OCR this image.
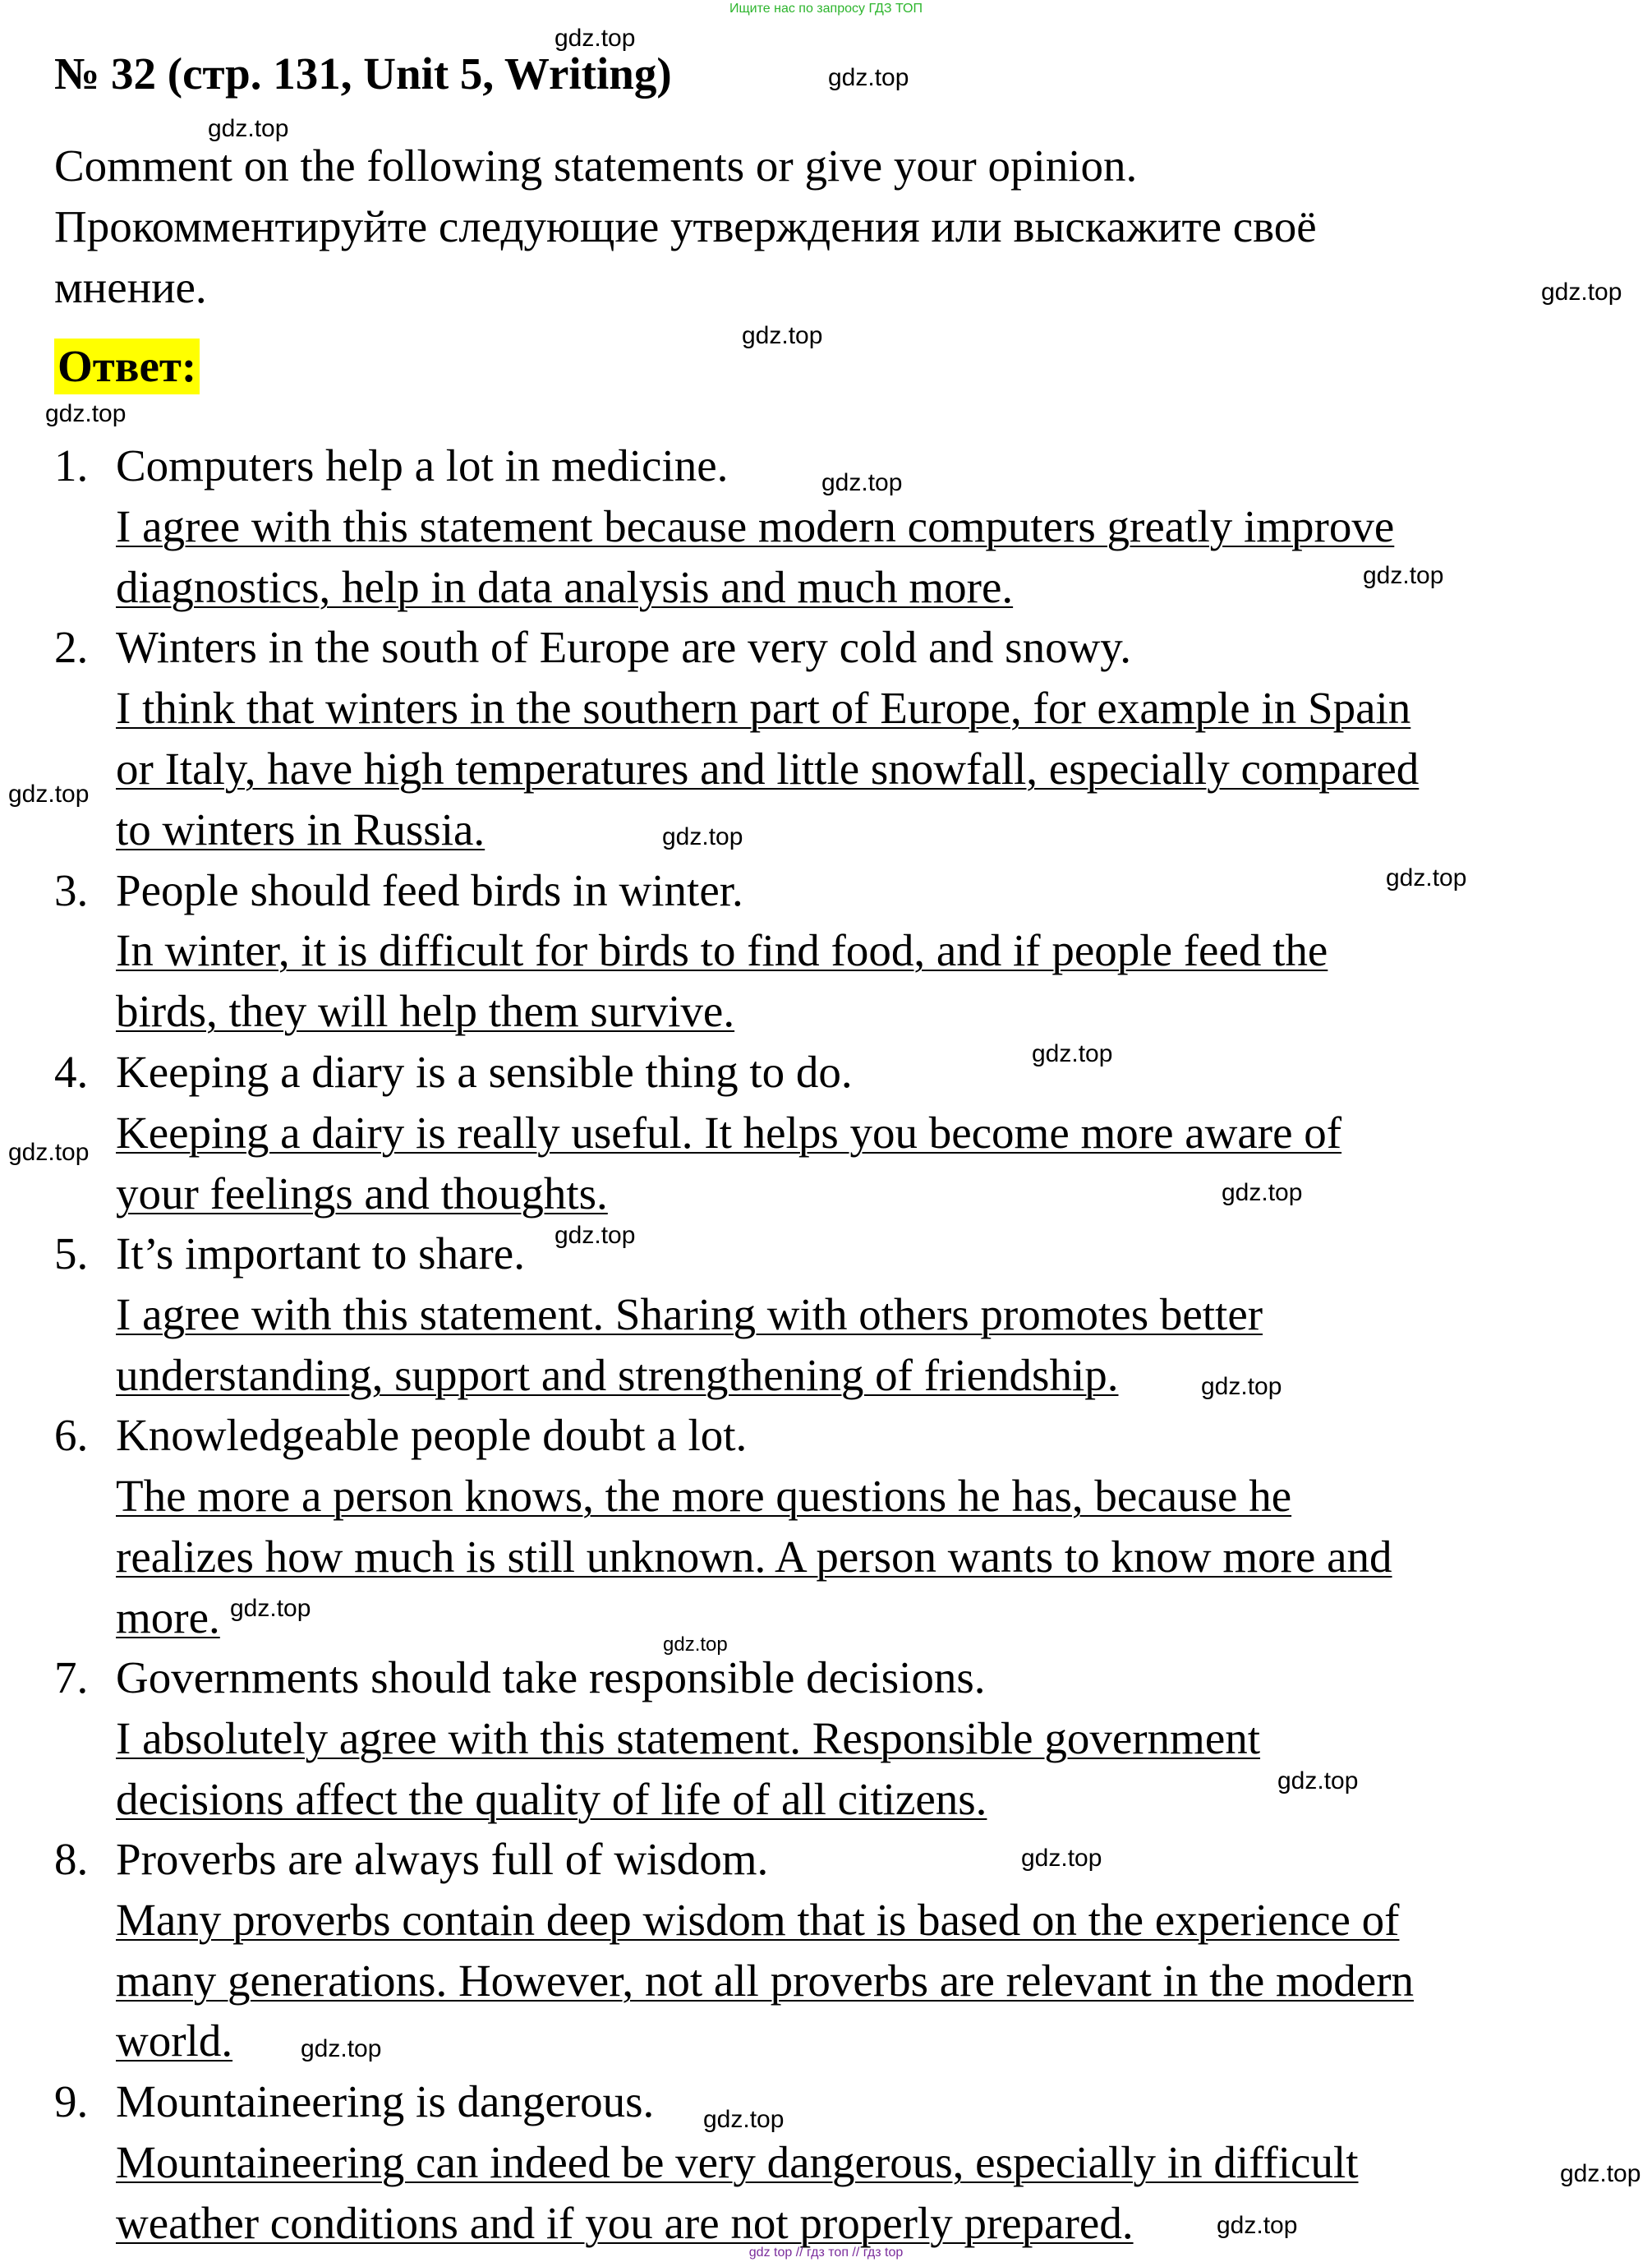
Ищите нас по запросу ГДЗ ТОП
№ 32 (стр. 131, Unit 5, Writing)
Comment on the following statements or give your opinion.
Прокомментируйте следующие утверждения или выскажите своё
мнение.
Ответ:
1. Computers help a lot in medicine.
I agree with this statement because modern computers greatly improve
diagnostics, help in data analysis and much more.
2. Winters in the south of Europe are very cold and snowy.
I think that winters in the southern part of Europe, for example in Spain
or Italy, have high temperatures and little snowfall, especially compared
to winters in Russia.
3. People should feed birds in winter.
In winter, it is difficult for birds to find food, and if people feed the
birds, they will help them survive.
4. Keeping a diary is a sensible thing to do.
Keeping a dairy is really useful. It helps you become more aware of
your feelings and thoughts.
5. It’s important to share.
I agree with this statement. Sharing with others promotes better
understanding, support and strengthening of friendship.
6. Knowledgeable people doubt a lot.
The more a person knows, the more questions he has, because he
realizes how much is still unknown. A person wants to know more and
more.
7. Governments should take responsible decisions.
I absolutely agree with this statement. Responsible government
decisions affect the quality of life of all citizens.
8. Proverbs are always full of wisdom.
Many proverbs contain deep wisdom that is based on the experience of
many generations. However, not all proverbs are relevant in the modern
world.
9. Mountaineering is dangerous.
Mountaineering can indeed be very dangerous, especially in difficult
weather conditions and if you are not properly prepared.
gdz.top
gdz.top
gdz.top
gdz.top
gdz.top
gdz.top
gdz.top
gdz.top
gdz.top
gdz.top
gdz.top
gdz.top
gdz.top
gdz.top
gdz.top
gdz.top
gdz.top
gdz.top
gdz.top
gdz.top
gdz.top
gdz.top
gdz.top
gdz.top
gdz top // гдз топ // гдз top
